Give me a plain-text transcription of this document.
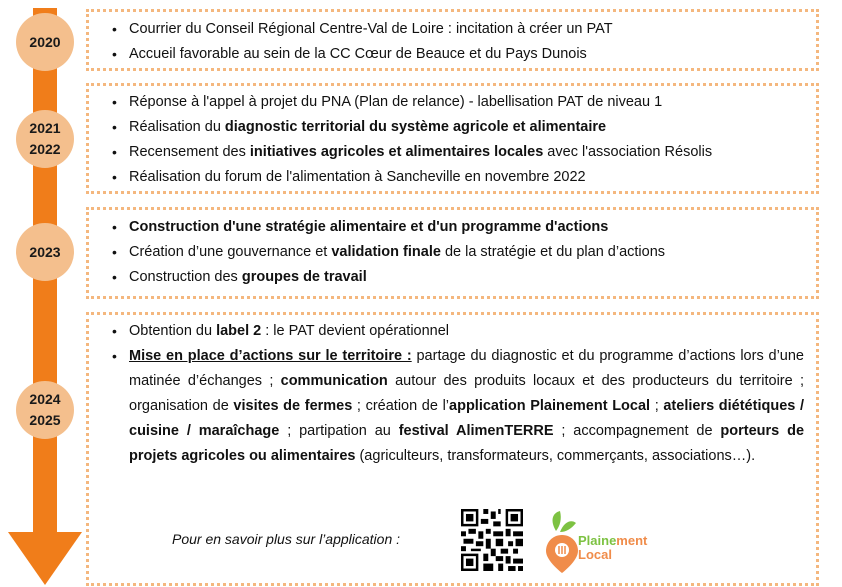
2020
2021
2022
2023
2024
2025
• Courrier du Conseil Régional Centre-Val de Loire : incitation à créer un PAT
• Accueil favorable au sein de la CC Cœur de Beauce et du Pays Dunois
• Réponse à l'appel à projet du PNA (Plan de relance) - labellisation PAT de niveau 1
• Réalisation du diagnostic territorial du système agricole et alimentaire
• Recensement des initiatives agricoles et alimentaires locales avec l'association Résolis
• Réalisation du forum de l'alimentation à Sancheville en novembre 2022
• Construction d'une stratégie alimentaire et d'un programme d'actions
• Création d’une gouvernance et validation finale de la stratégie et du plan d’actions
• Construction des groupes de travail
• Obtention du label 2 : le PAT devient opérationnel
• Mise en place d’actions sur le territoire : partage du diagnostic et du programme d’actions lors d’une matinée d’échanges ; communication autour des produits locaux et des producteurs du territoire ; organisation de visites de fermes ; création de l’application Plainement Local ; ateliers diététiques / cuisine / maraîchage ; partipation au festival AlimenTERRE ; accompagnement de porteurs de projets agricoles ou alimentaires (agriculteurs, transformateurs, commerçants, associations…).
Pour en savoir plus sur l’application :	Plainement
Local
